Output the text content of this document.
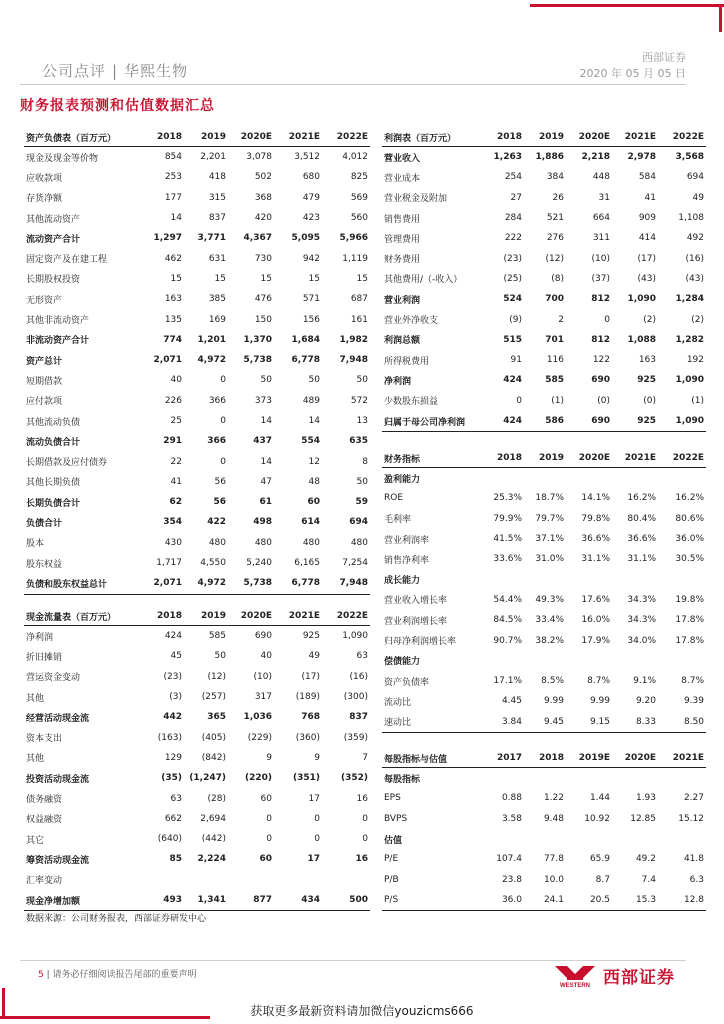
公司点评 | 华熙生物
西部证券
2020 年 05 月 05 日
财务报表预测和估值数据汇总
资产负债表（百万元）	2018	2019	2020E	2021E	2022E
现金及现金等价物	854	2,201	3,078	3,512	4,012
应收款项	253	418	502	680	825
存货净额	177	315	368	479	569
其他流动资产	14	837	420	423	560
流动资产合计	1,297	3,771	4,367	5,095	5,966
固定资产及在建工程	462	631	730	942	1,119
长期股权投资	15	15	15	15	15
无形资产	163	385	476	571	687
其他非流动资产	135	169	150	156	161
非流动资产合计	774	1,201	1,370	1,684	1,982
资产总计	2,071	4,972	5,738	6,778	7,948
短期借款	40	0	50	50	50
应付款项	226	366	373	489	572
其他流动负债	25	0	14	14	13
流动负债合计	291	366	437	554	635
长期借款及应付债券	22	0	14	12	8
其他长期负债	41	56	47	48	50
长期负债合计	62	56	61	60	59
负债合计	354	422	498	614	694
股本	430	480	480	480	480
股东权益	1,717	4,550	5,240	6,165	7,254
负债和股东权益总计	2,071	4,972	5,738	6,778	7,948
利润表（百万元）	2018	2019	2020E	2021E	2022E
营业收入	1,263	1,886	2,218	2,978	3,568
营业成本	254	384	448	584	694
营业税金及附加	27	26	31	41	49
销售费用	284	521	664	909	1,108
管理费用	222	276	311	414	492
财务费用	(23)	(12)	(10)	(17)	(16)
其他费用/（-收入）	(25)	(8)	(37)	(43)	(43)
营业利润	524	700	812	1,090	1,284
营业外净收支	(9)	2	0	(2)	(2)
利润总额	515	701	812	1,088	1,282
所得税费用	91	116	122	163	192
净利润	424	585	690	925	1,090
少数股东损益	0	(1)	(0)	(0)	(1)
归属于母公司净利润	424	586	690	925	1,090
财务指标	2018	2019	2020E	2021E	2022E
盈利能力					
ROE	25.3%	18.7%	14.1%	16.2%	16.2%
毛利率	79.9%	79.7%	79.8%	80.4%	80.6%
营业利润率	41.5%	37.1%	36.6%	36.6%	36.0%
销售净利率	33.6%	31.0%	31.1%	31.1%	30.5%
成长能力					
营业收入增长率	54.4%	49.3%	17.6%	34.3%	19.8%
营业利润增长率	84.5%	33.4%	16.0%	34.3%	17.8%
归母净利润增长率	90.7%	38.2%	17.9%	34.0%	17.8%
偿债能力					
资产负债率	17.1%	8.5%	8.7%	9.1%	8.7%
流动比	4.45	9.99	9.99	9.20	9.39
速动比	3.84	9.45	9.15	8.33	8.50
现金流量表（百万元）	2018	2019	2020E	2021E	2022E
净利润	424	585	690	925	1,090
折旧摊销	45	50	40	49	63
营运资金变动	(23)	(12)	(10)	(17)	(16)
其他	(3)	(257)	317	(189)	(300)
经营活动现金流	442	365	1,036	768	837
资本支出	(163)	(405)	(229)	(360)	(359)
其他	129	(842)	9	9	7
投资活动现金流	(35)	(1,247)	(220)	(351)	(352)
债务融资	63	(28)	60	17	16
权益融资	662	2,694	0	0	0
其它	(640)	(442)	0	0	0
筹资活动现金流	85	2,224	60	17	16
汇率变动					
现金净增加额	493	1,341	877	434	500
每股指标与估值	2017	2018	2019E	2020E	2021E
每股指标					
EPS	0.88	1.22	1.44	1.93	2.27
BVPS	3.58	9.48	10.92	12.85	15.12
估值					
P/E	107.4	77.8	65.9	49.2	41.8
P/B	23.8	10.0	8.7	7.4	6.3
P/S	36.0	24.1	20.5	15.3	12.8
数据来源：公司财务报表，西部证券研发中心
5 | 请务必仔细阅读报告尾部的重要声明
WESTERN 西部证券
获取更多最新资料请加微信youzicms666
